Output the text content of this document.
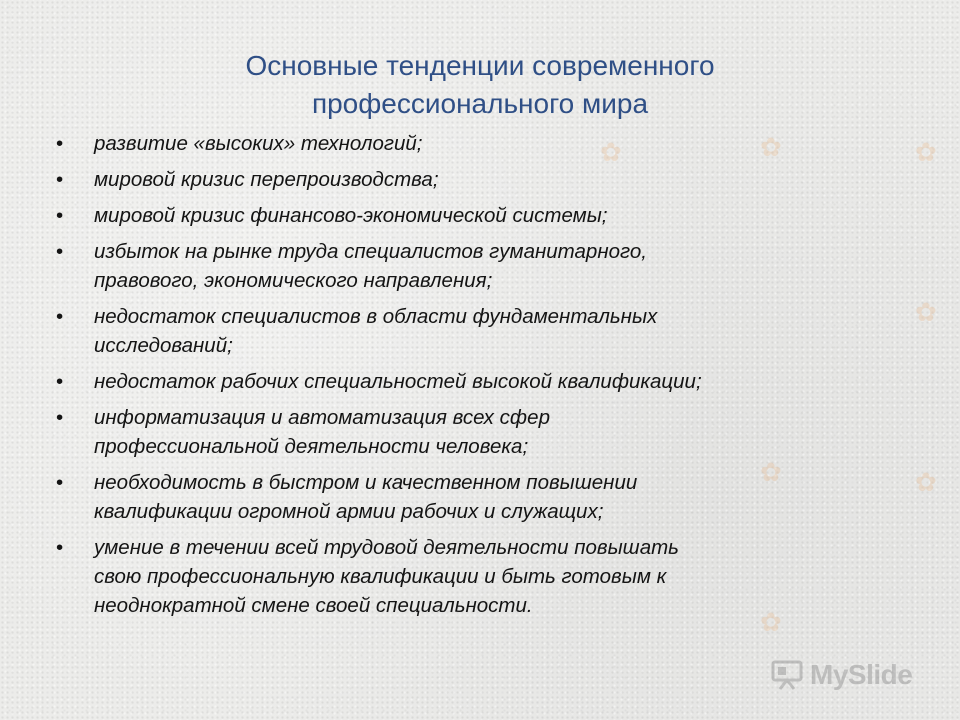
✿	✿	✿
✿
✿	✿
✿
Основные тенденции современного
профессионального мира
• развитие «высоких» технологий;
• мировой кризис перепроизводства;
• мировой кризис финансово-экономической системы;
• избыток на рынке труда специалистов гуманитарного,
правового, экономического направления;
• недостаток специалистов в области фундаментальных
исследований;
• недостаток рабочих специальностей высокой квалификации;
• информатизация и автоматизация всех сфер
профессиональной деятельности человека;
• необходимость в быстром и качественном повышении
квалификации огромной армии рабочих и служащих;
• умение в течении всей трудовой деятельности повышать
свою профессиональную квалификации и быть готовым к
неоднократной смене своей специальности.
MySlide
